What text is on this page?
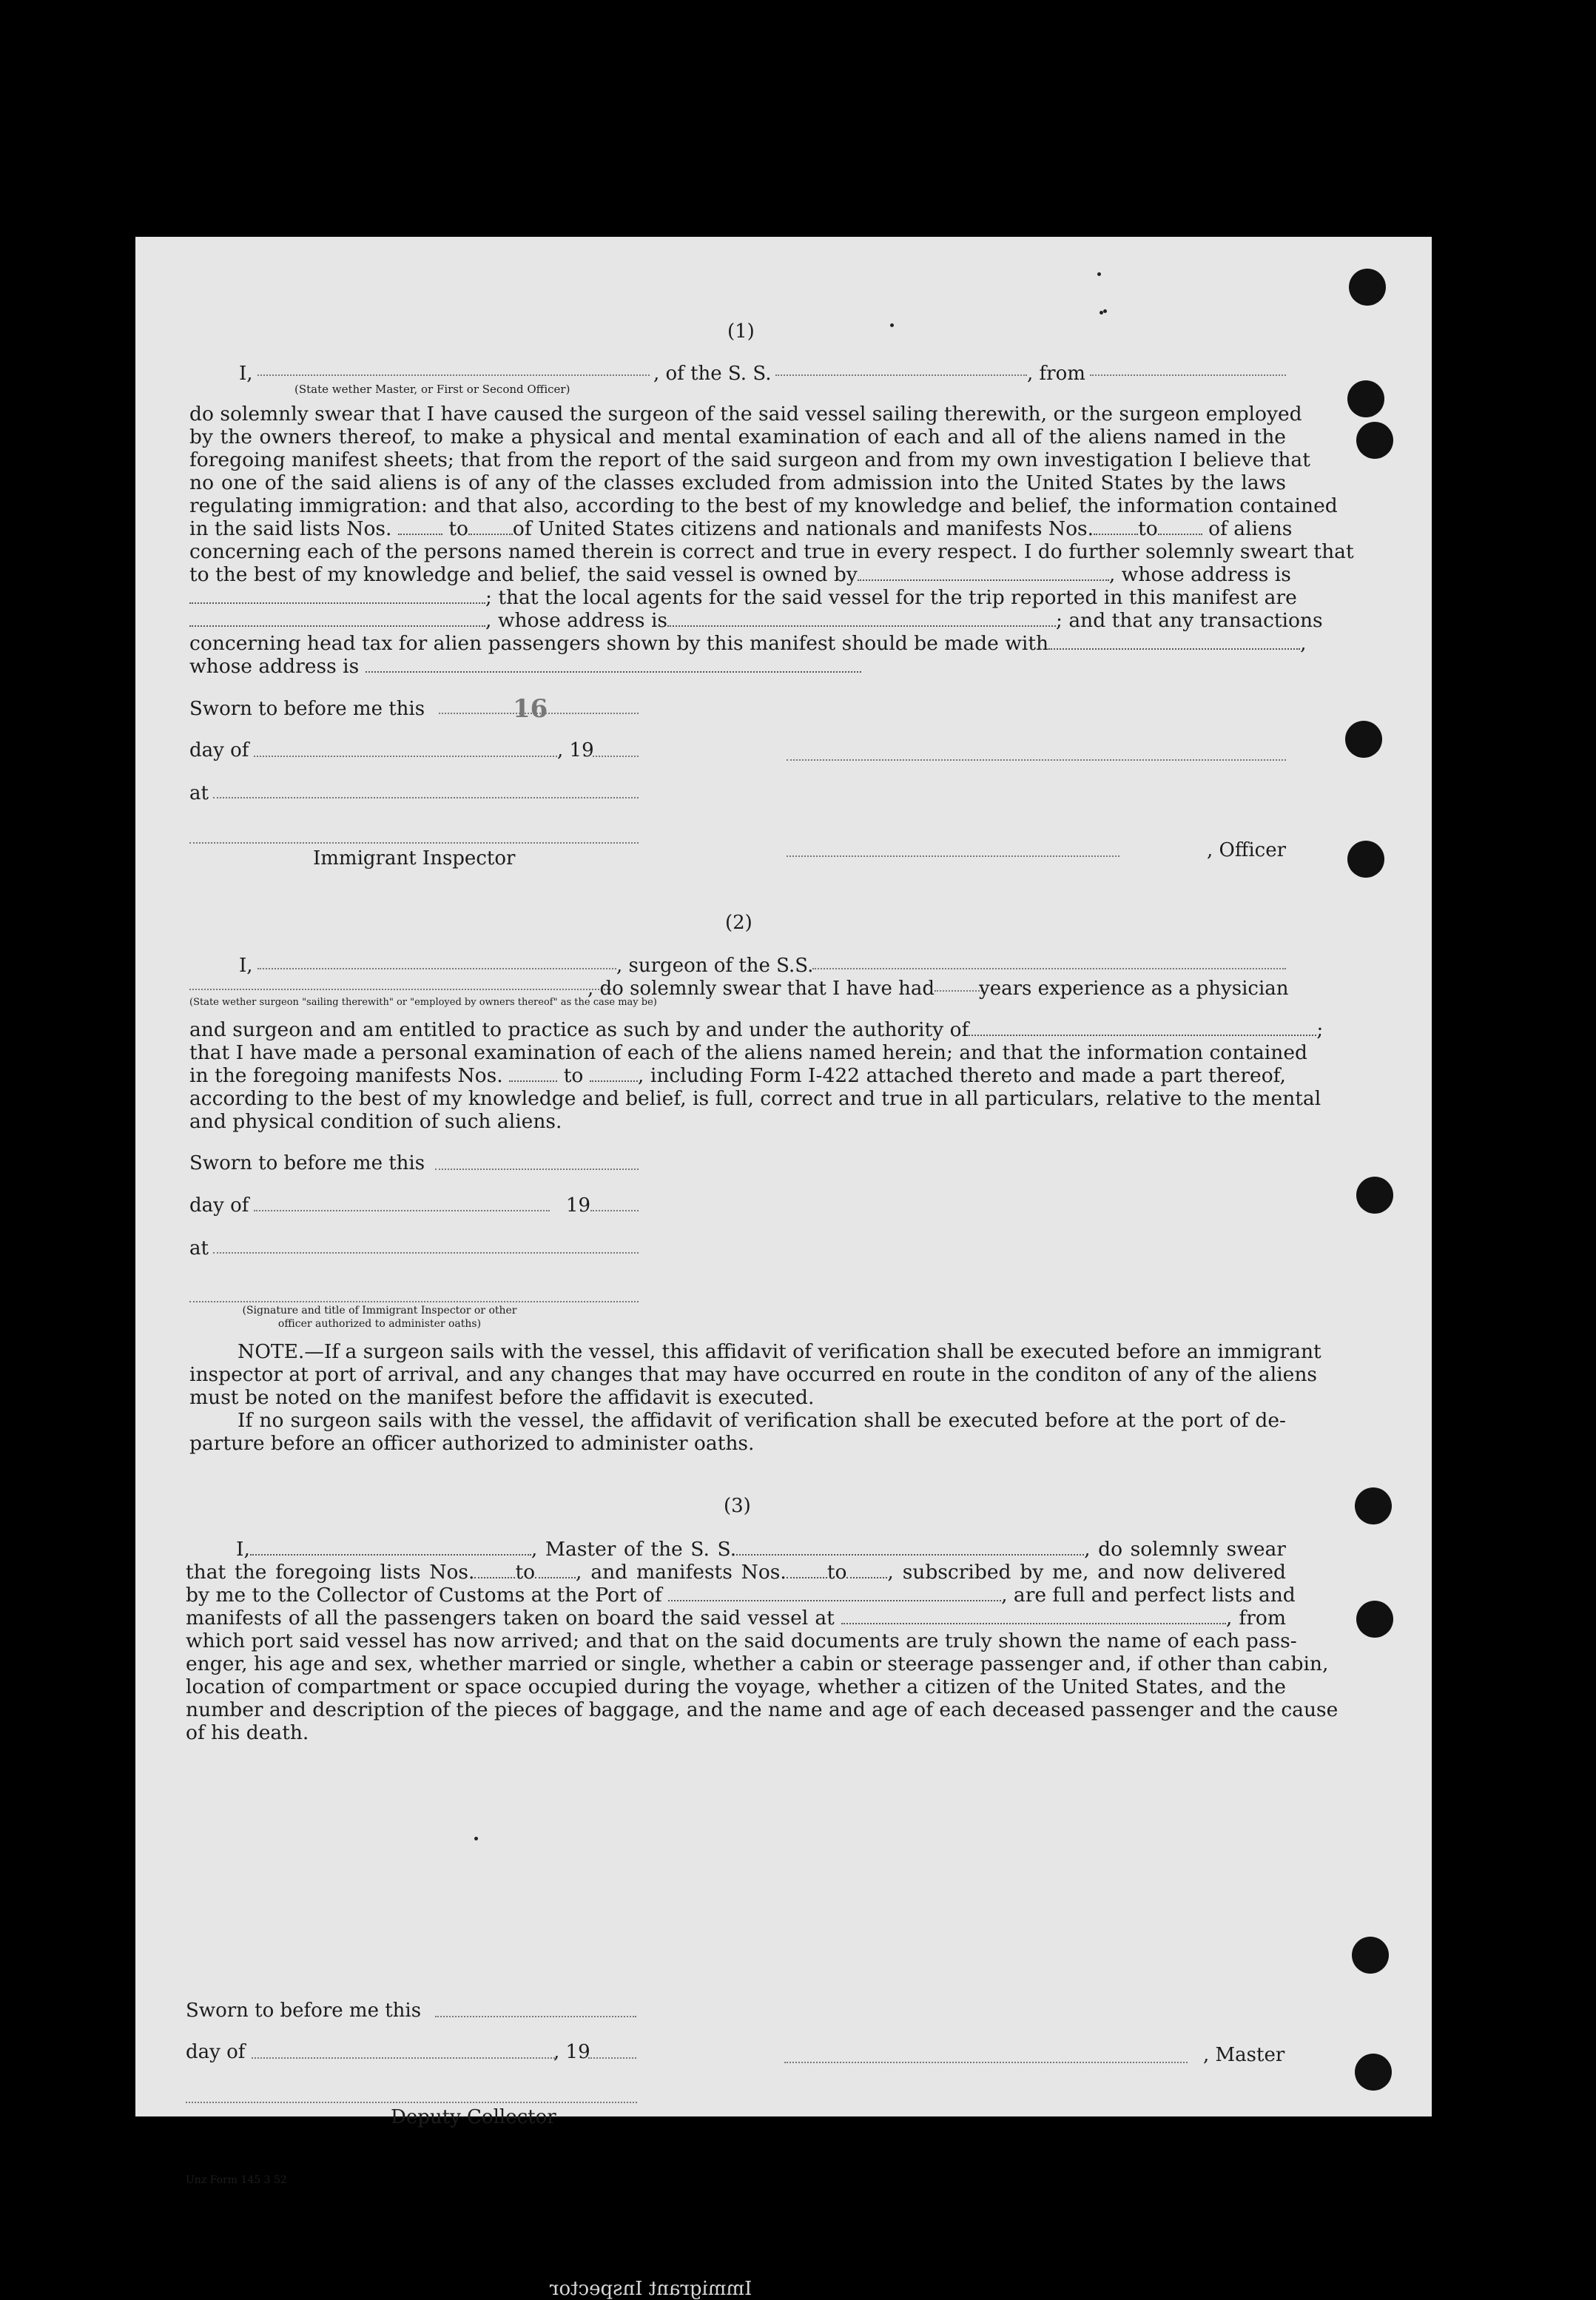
(1)
I,	, of the S. S.	, from
(State wether Master, or First or Second Officer)
do solemnly swear that I have caused the surgeon of the said vessel sailing therewith, or the surgeon employed
by the owners thereof, to make a physical and mental examination of each and all of the aliens named in the
foregoing manifest sheets; that from the report of the said surgeon and from my own investigation I believe that
no one of the said aliens is of any of the classes excluded from admission into the United States by the laws
regulating immigration: and that also, according to the best of my knowledge and belief, the information contained
in the said lists Nos.	to of United States citizens and nationals and manifests Nos. to	of aliens
concerning each of the persons named therein is correct and true in every respect. I do further solemnly sweart that
to the best of my knowledge and belief, the said vessel is owned by	, whose address is
; that the local agents for the said vessel for the trip reported in this manifest are
, whose address is	; and that any transactions
concerning head tax for alien passengers shown by this manifest should be made with	,
whose address is
Sworn to before me this	16
day of	, 19
at
Immigrant Inspector	, Officer
(2)
I,	, surgeon of the S.S.
, do solemnly swear that I have had years experience as a physician
(State wether surgeon "sailing therewith" or "employed by owners thereof" as the case may be)
and surgeon and am entitled to practice as such by and under the authority of	;
that I have made a personal examination of each of the aliens named herein; and that the information contained
in the foregoing manifests Nos.	to	, including Form I-422 attached thereto and made a part thereof,
according to the best of my knowledge and belief, is full, correct and true in all particulars, relative to the mental
and physical condition of such aliens.
Sworn to before me this
day of	19
at
(Signature and title of Immigrant Inspector or other
officer authorized to administer oaths)
NOTE.—If a surgeon sails with the vessel, this affidavit of verification shall be executed before an immigrant
inspector at port of arrival, and any changes that may have occurred en route in the conditon of any of the aliens
must be noted on the manifest before the affidavit is executed.
If no surgeon sails with the vessel, the affidavit of verification shall be executed before at the port of de-
parture before an officer authorized to administer oaths.
(3)
I,	, Master of the S. S.	, do solemnly swear
that the foregoing lists Nos. to , and manifests Nos. to , subscribed by me, and now delivered
by me to the Collector of Customs at the Port of	, are full and perfect lists and
manifests of all the passengers taken on board the said vessel at	, from
which port said vessel has now arrived; and that on the said documents are truly shown the name of each pass-
enger, his age and sex, whether married or single, whether a cabin or steerage passenger and, if other than cabin,
location of compartment or space occupied during the voyage, whether a citizen of the United States, and the
number and description of the pieces of baggage, and the name and age of each deceased passenger and the cause
of his death.
Sworn to before me this
day of	, 19	, Master
Deputy Collector
Unz Form 145 3 52
Immigrant Inspector
